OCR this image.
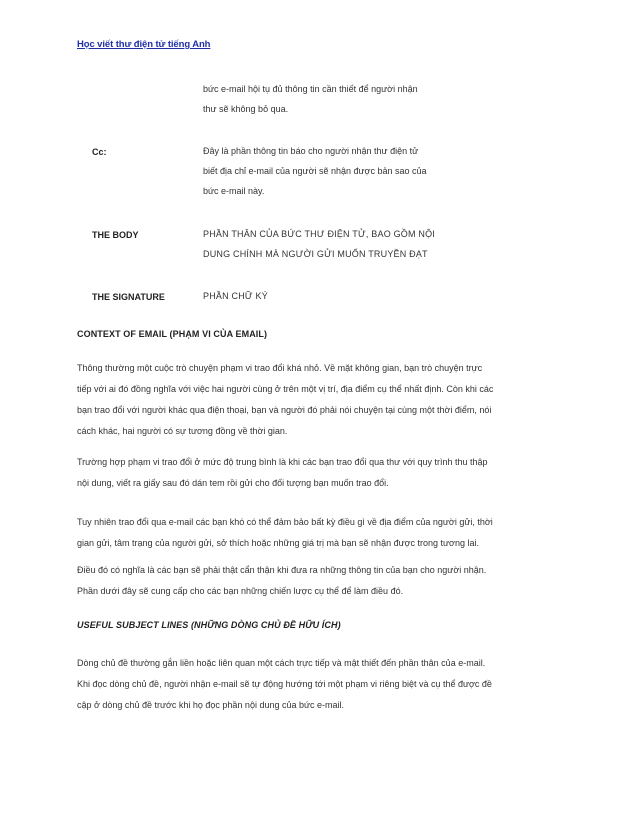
Học viết thư điện tử tiếng Anh
bức e-mail hội tụ đủ thông tin cần thiết để người nhận
thư sẽ không bỏ qua.
Cc:	Đây là phần thông tin báo cho người nhận thư điện tử
biết địa chỉ e-mail của người sẽ nhận được bản sao của
bức e-mail này.
THE BODY	PHẦN THÂN CỦA BỨC THƯ ĐIỆN TỬ, BAO GỒM NỘI
DUNG CHÍNH MÀ NGƯỜI GỬI MUỐN TRUYỀN ĐẠT
THE SIGNATURE	PHẦN CHỮ KÝ
CONTEXT OF EMAIL (PHẠM VI CỦA EMAIL)
Thông thường một cuộc trò chuyện phạm vi trao đổi khá nhỏ. Về mặt không gian, bạn trò chuyện trực
tiếp với ai đó đồng nghĩa với việc hai người cùng ở trên một vị trí, địa điểm cụ thể nhất định. Còn khi các
bạn trao đổi với người khác qua điện thoại, bạn và người đó phải nói chuyện tại cùng một thời điểm, nói
cách khác, hai người có sự tương đồng về thời gian.
Trường hợp phạm vi trao đổi ở mức độ trung bình là khi các bạn trao đổi qua thư với quy trình thu thập
nội dung, viết ra giấy sau đó dán tem rồi gửi cho đối tượng bạn muốn trao đổi.
Tuy nhiên trao đổi qua e-mail các bạn khó có thể đảm bảo bất kỳ điều gì về địa điểm của người gửi, thời
gian gửi, tâm trạng của người gửi, sở thích hoặc những giá trị mà bạn sẽ nhận được trong tương lai.
Điều đó có nghĩa là các bạn sẽ phải thật cẩn thận khi đưa ra những thông tin của bạn cho người nhận.
Phần dưới đây sẽ cung cấp cho các bạn những chiến lược cụ thể để làm điều đó.
USEFUL SUBJECT LINES (NHỮNG DÒNG CHỦ ĐỀ HỮU ÍCH)
Dòng chủ đề thường gắn liền hoặc liên quan một cách trực tiếp và mật thiết đến phần thân của e-mail.
Khi đọc dòng chủ đề, người nhận e-mail sẽ tự động hướng tới một phạm vi riêng biệt và cụ thể được đề
cập ở dòng chủ đề trước khi họ đọc phần nội dung của bức e-mail.
